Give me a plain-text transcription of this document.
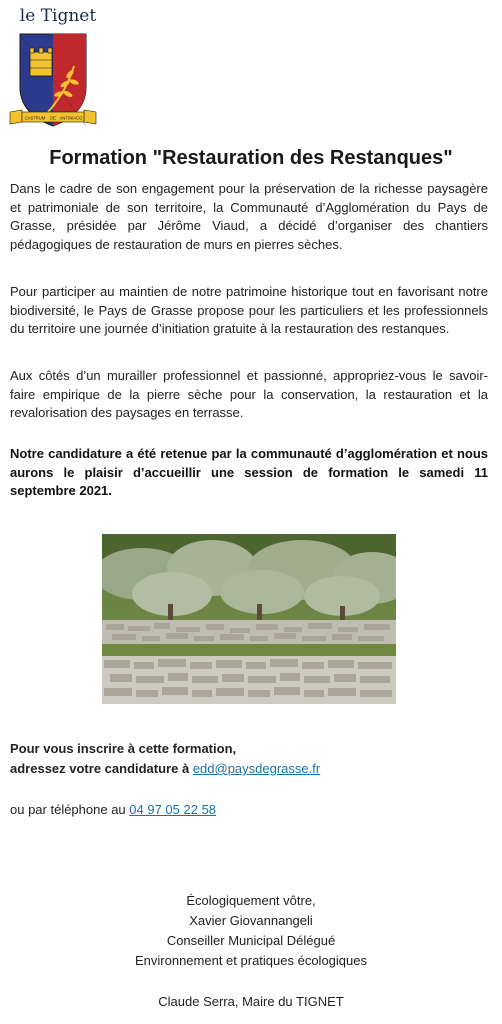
le Tignet
CASTRUM DE ANTINIACO
Formation "Restauration des Restanques"

Dans le cadre de son engagement pour la préservation de la richesse paysagère et patrimoniale de son territoire, la Communauté d’Agglomération du Pays de Grasse, présidée par Jérôme Viaud, a décidé d’organiser des chantiers pédagogiques de restauration de murs en pierres sèches.

Pour participer au maintien de notre patrimoine historique tout en favorisant notre biodiversité, le Pays de Grasse propose pour les particuliers et les professionnels du territoire une journée d’initiation gratuite à la restauration des restanques.

Aux côtés d’un murailler professionnel et passionné, appropriez-vous le savoir-faire empirique de la pierre sèche pour la conservation, la restauration et la revalorisation des paysages en terrasse.

Notre candidature a été retenue par la communauté d’agglomération et nous aurons le plaisir d’accueillir une session de formation le samedi 11 septembre 2021.

Pour vous inscrire à cette formation,
adressez votre candidature à edd@paysdegrasse.fr
ou par téléphone au 04 97 05 22 58
Écologiquement vôtre,
Xavier Giovannangeli
Conseiller Municipal Délégué
Environnement et pratiques écologiques
Claude Serra, Maire du TIGNET
